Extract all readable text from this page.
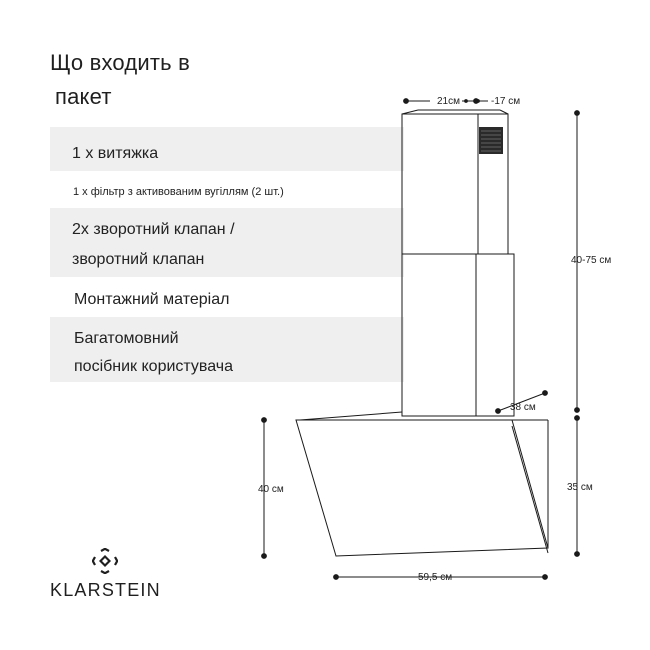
Що входить в
пакет
1 х витяжка
1 х фільтр з активованим вугіллям (2 шт.)
2х зворотний клапан /
зворотний клапан
Монтажний матеріал
Багатомовний
посібник користувача
21см	-17 см
40-75 см
38 см
40 см	35 см
59,5 см
KLARSTEIN
